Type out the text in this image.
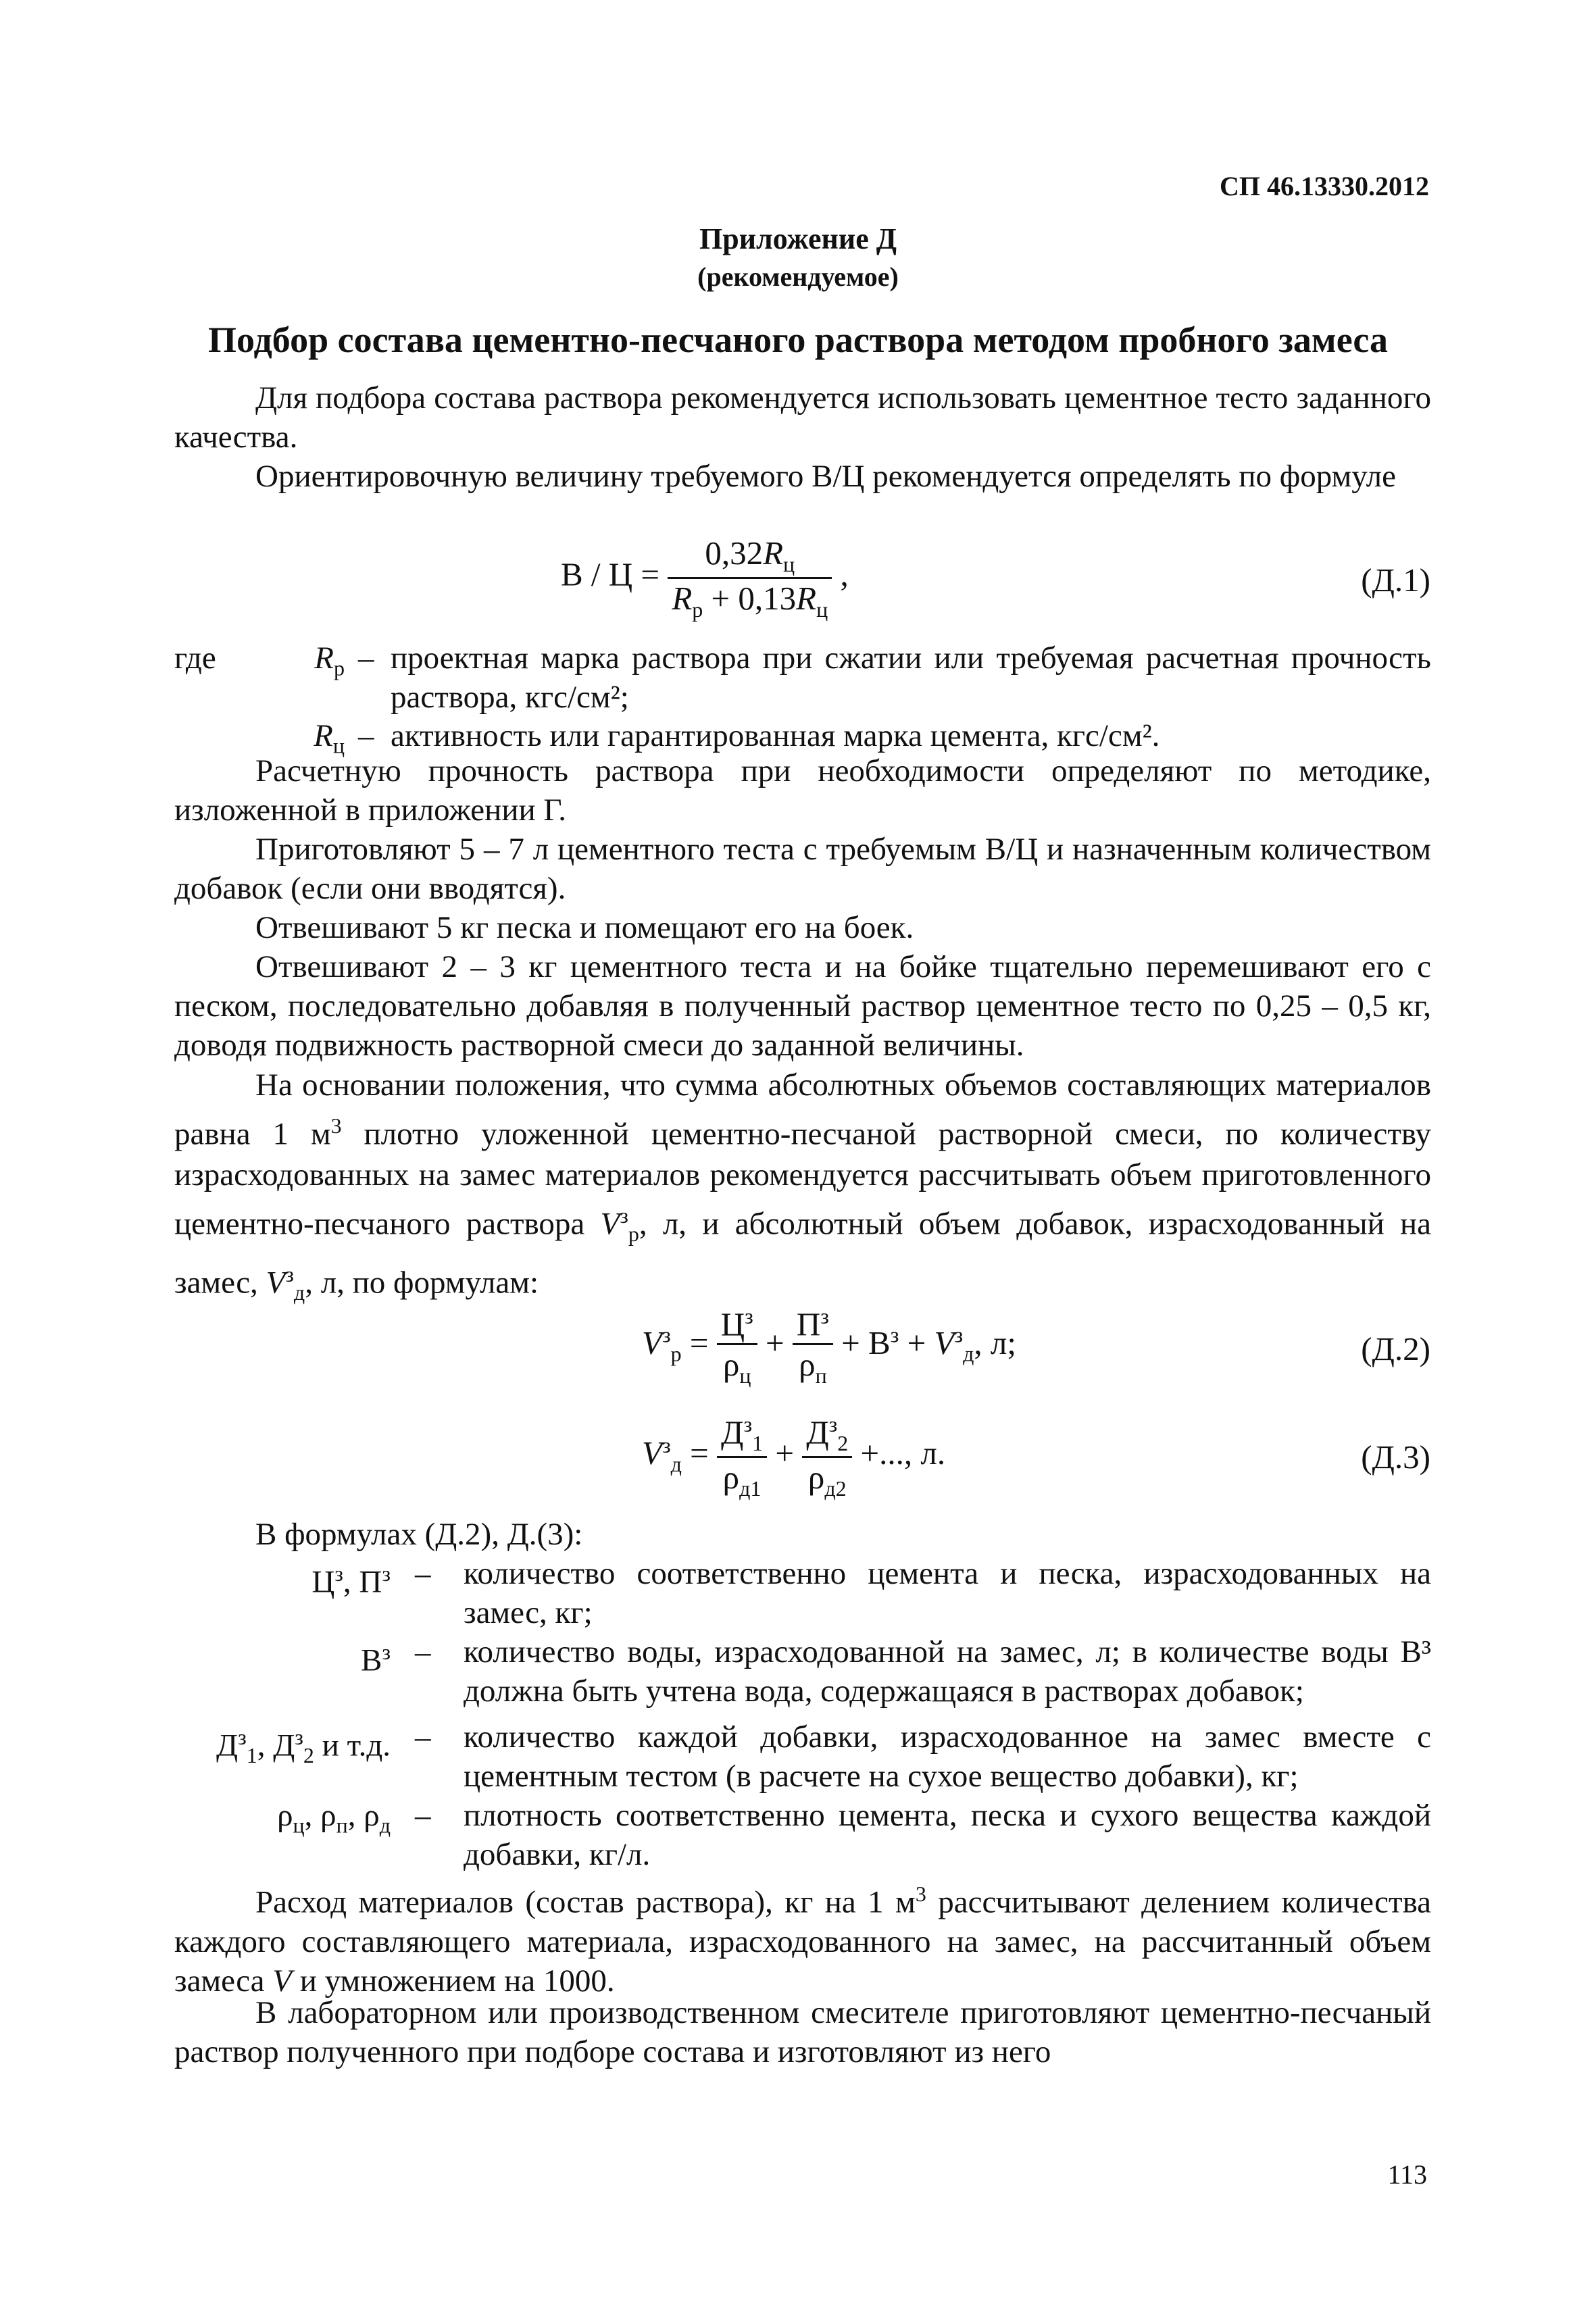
СП 46.13330.2012
Приложение Д
(рекомендуемое)
Подбор состава цементно-песчаного раствора методом пробного замеса
Для подбора состава раствора рекомендуется использовать цементное тесто заданного качества.
Ориентировочную величину требуемого В/Ц рекомендуется определять по формуле
$В / Ц = \frac{0,32R_ц}{R_р + 0,13R_ц}$ ,	(Д.1)
где	$R_р$ – проектная марка раствора при сжатии или требуемая расчетная прочность раствора, кгс/см²;
$R_ц$ – активность или гарантированная марка цемента, кгс/см².
Расчетную прочность раствора при необходимости определяют по методике, изложенной в приложении Г.
Приготовляют 5 – 7 л цементного теста с требуемым В/Ц и назначенным количеством добавок (если они вводятся).
Отвешивают 5 кг песка и помещают его на боек.
Отвешивают 2 – 3 кг цементного теста и на бойке тщательно перемешивают его с песком, последовательно добавляя в полученный раствор цементное тесто по 0,25 – 0,5 кг, доводя подвижность растворной смеси до заданной величины.
На основании положения, что сумма абсолютных объемов составляющих материалов равна 1 $м^3$ плотно уложенной цементно-песчаной растворной смеси, по количеству израсходованных на замес материалов рекомендуется рассчитывать объем приготовленного цементно-песчаного раствора $V^з_р$, л, и абсолютный объем добавок, израсходованный на замес, $V^з_д$, л, по формулам:
$V^з_р = \frac{Ц^з}{\rho_ц} + \frac{П^з}{\rho_п} + В^з + V^з_д$, л;	(Д.2)
$V^з_д = \frac{Д^з_1}{\rho_{д1}} + \frac{Д^з_2}{\rho_{д2}}$ +..., л.	(Д.3)
В формулах (Д.2), Д.(3):
$Ц^з$, $П^з$ – количество соответственно цемента и песка, израсходованных на замес, кг;
$В^з$ – количество воды, израсходованной на замес, л; в количестве воды В³ должна быть учтена вода, содержащаяся в растворах добавок;
$Д^з_1$, $Д^з_2$ и т.д. – количество каждой добавки, израсходованное на замес вместе с цементным тестом (в расчете на сухое вещество добавки), кг;
$\rho_ц$, $\rho_п$, $\rho_д$ – плотность соответственно цемента, песка и сухого вещества каждой добавки, кг/л.
Расход материалов (состав раствора), кг на 1 $м^3$ рассчитывают делением количества каждого составляющего материала, израсходованного на замес, на рассчитанный объем замеса V и умножением на 1000.
В лабораторном или производственном смесителе приготовляют цементно-песчаный раствор полученного при подборе состава и изготовляют из него
113
